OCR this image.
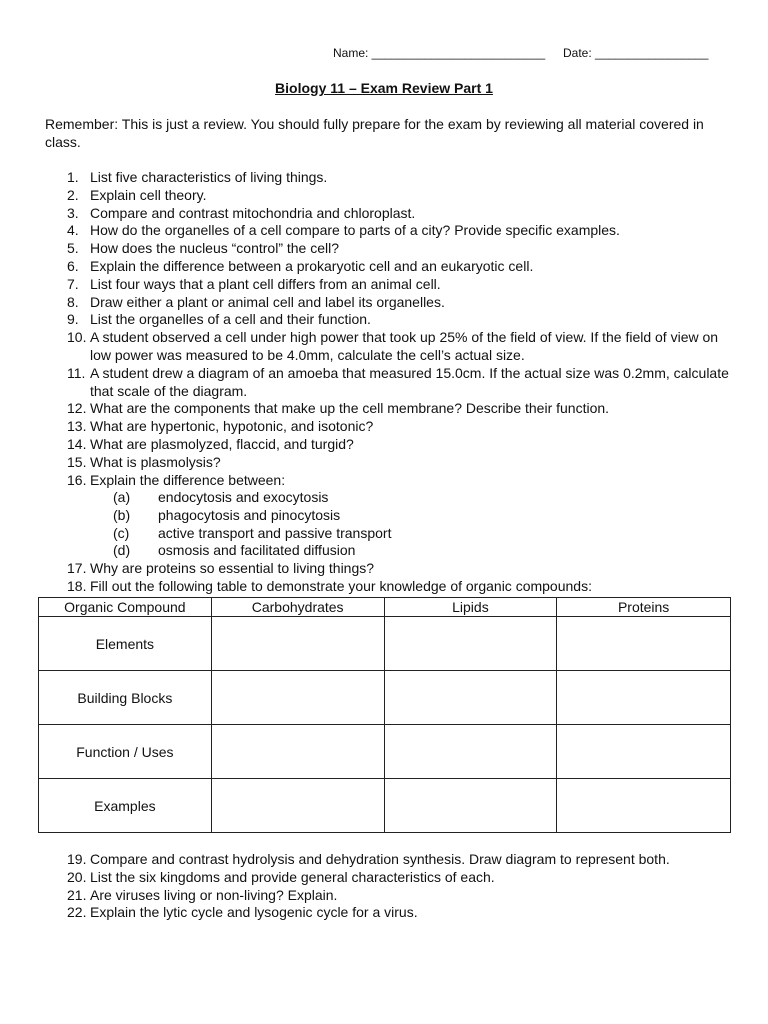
Name: __________________________ Date: _________________
Biology 11 – Exam Review Part 1
Remember: This is just a review. You should fully prepare for the exam by reviewing all material covered in class.
1. List five characteristics of living things.
2. Explain cell theory.
3. Compare and contrast mitochondria and chloroplast.
4. How do the organelles of a cell compare to parts of a city? Provide specific examples.
5. How does the nucleus “control” the cell?
6. Explain the difference between a prokaryotic cell and an eukaryotic cell.
7. List four ways that a plant cell differs from an animal cell.
8. Draw either a plant or animal cell and label its organelles.
9. List the organelles of a cell and their function.
10. A student observed a cell under high power that took up 25% of the field of view. If the field of view on low power was measured to be 4.0mm, calculate the cell’s actual size.
11. A student drew a diagram of an amoeba that measured 15.0cm. If the actual size was 0.2mm, calculate that scale of the diagram.
12. What are the components that make up the cell membrane? Describe their function.
13. What are hypertonic, hypotonic, and isotonic?
14. What are plasmolyzed, flaccid, and turgid?
15. What is plasmolysis?
16. Explain the difference between:
(a) endocytosis and exocytosis
(b) phagocytosis and pinocytosis
(c) active transport and passive transport
(d) osmosis and facilitated diffusion
17. Why are proteins so essential to living things?
18. Fill out the following table to demonstrate your knowledge of organic compounds:
Organic Compound	Carbohydrates	Lipids	Proteins
Elements			
Building Blocks			
Function / Uses			
Examples			
19. Compare and contrast hydrolysis and dehydration synthesis. Draw diagram to represent both.
20. List the six kingdoms and provide general characteristics of each.
21. Are viruses living or non-living? Explain.
22. Explain the lytic cycle and lysogenic cycle for a virus.
